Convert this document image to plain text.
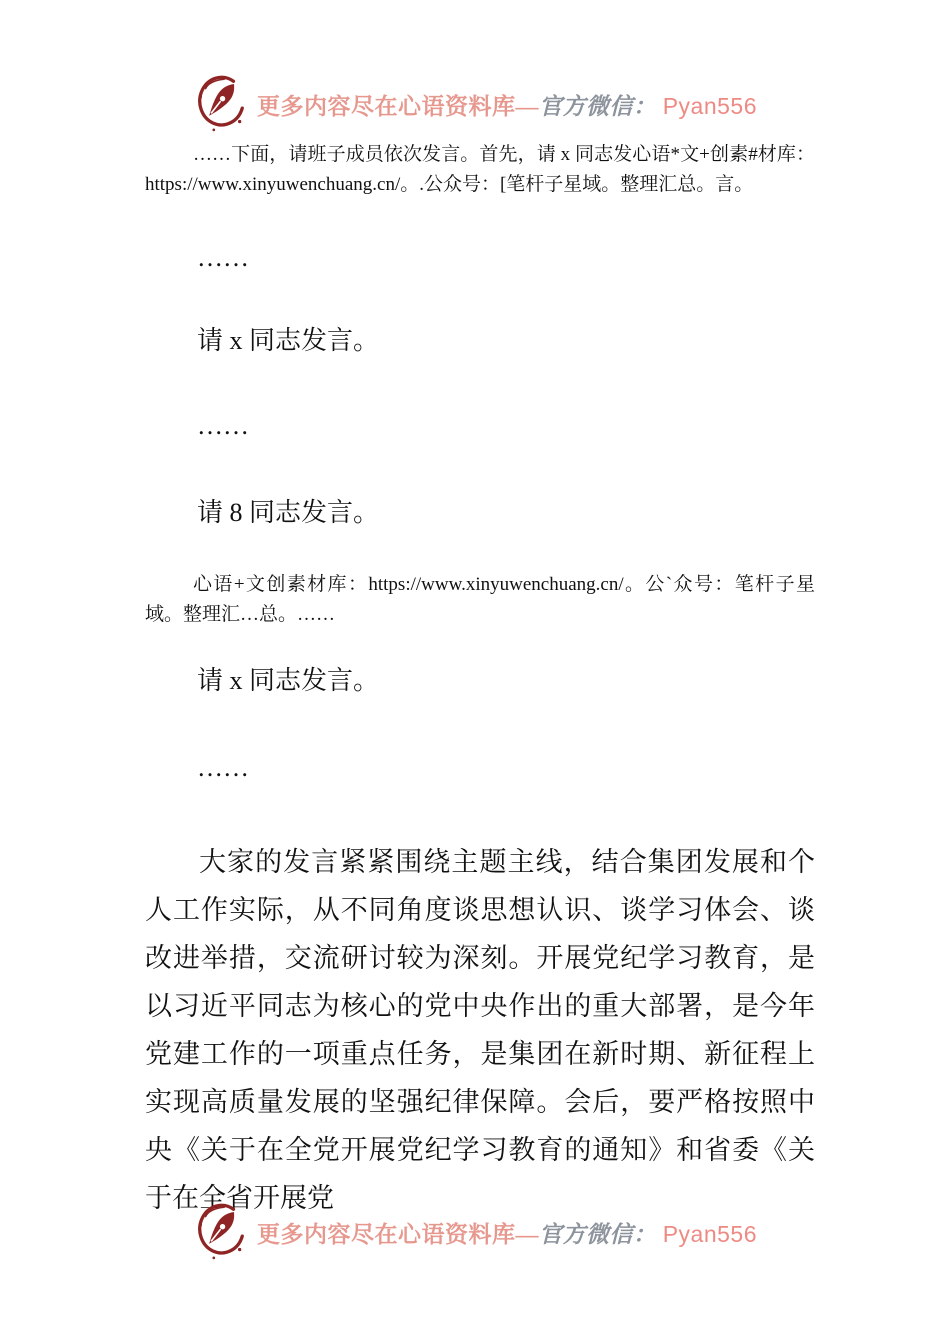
更多内容尽在心语资料库—官方微信： Pyan556

……下面，请班子成员依次发言。首先，请 x 同志发心语*文+创素#材库：https://www.xinyuwenchuang.cn/。.公众号：[笔杆子星域。整理汇总。言。

……

请 x 同志发言。

……

请 8 同志发言。

心语+文创素材库：https://www.xinyuwenchuang.cn/。公`众号：笔杆子星域。整理汇…总。……

请 x 同志发言。

……

大家的发言紧紧围绕主题主线，结合集团发展和个人工作实际，从不同角度谈思想认识、谈学习体会、谈改进举措，交流研讨较为深刻。开展党纪学习教育，是以习近平同志为核心的党中央作出的重大部署，是今年党建工作的一项重点任务，是集团在新时期、新征程上实现高质量发展的坚强纪律保障。会后，要严格按照中央《关于在全党开展党纪学习教育的通知》和省委《关于在全省开展党

更多内容尽在心语资料库—官方微信： Pyan556
